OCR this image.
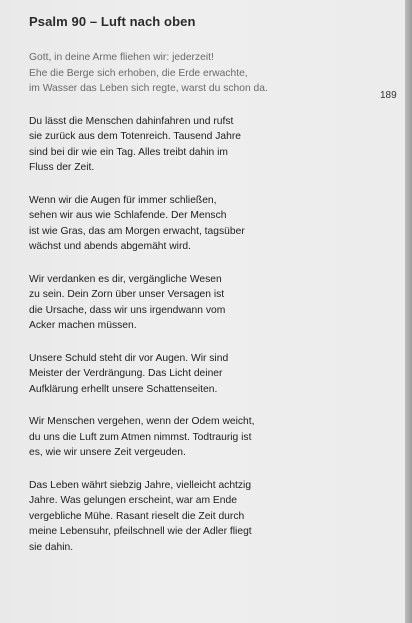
Psalm 90 – Luft nach oben
189
Gott, in deine Arme fliehen wir: jederzeit!
Ehe die Berge sich erhoben, die Erde erwachte,
im Wasser das Leben sich regte, warst du schon da.
Du lässt die Menschen dahinfahren und rufst
sie zurück aus dem Totenreich. Tausend Jahre
sind bei dir wie ein Tag. Alles treibt dahin im
Fluss der Zeit.
Wenn wir die Augen für immer schließen,
sehen wir aus wie Schlafende. Der Mensch
ist wie Gras, das am Morgen erwacht, tagsüber
wächst und abends abgemäht wird.
Wir verdanken es dir, vergängliche Wesen
zu sein. Dein Zorn über unser Versagen ist
die Ursache, dass wir uns irgendwann vom
Acker machen müssen.
Unsere Schuld steht dir vor Augen. Wir sind
Meister der Verdrängung. Das Licht deiner
Aufklärung erhellt unsere Schattenseiten.
Wir Menschen vergehen, wenn der Odem weicht,
du uns die Luft zum Atmen nimmst. Todtraurig ist
es, wie wir unsere Zeit vergeuden.
Das Leben währt siebzig Jahre, vielleicht achtzig
Jahre. Was gelungen erscheint, war am Ende
vergebliche Mühe. Rasant rieselt die Zeit durch
meine Lebensuhr, pfeilschnell wie der Adler fliegt
sie dahin.
